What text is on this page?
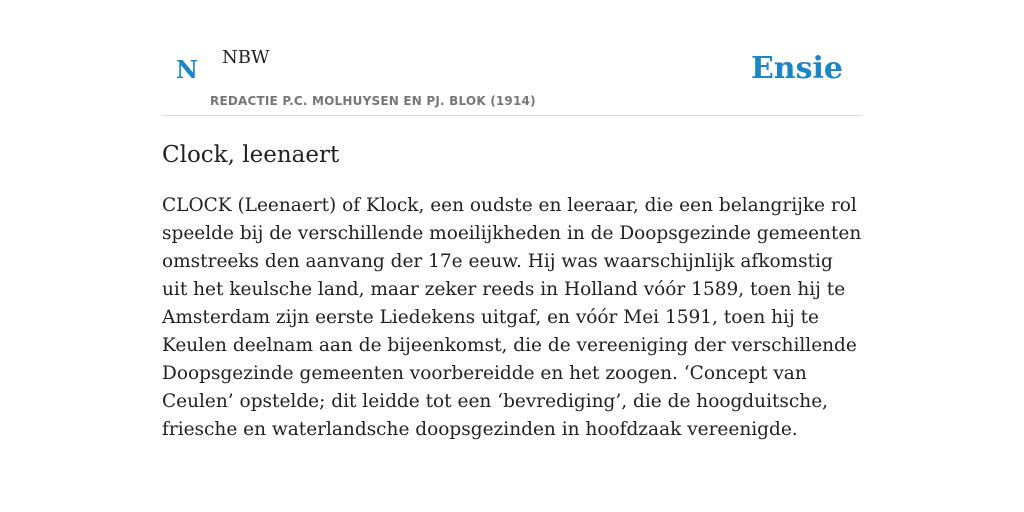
N NBW
REDACTIE P.C. MOLHUYSEN EN PJ. BLOK (1914)
Ensie
Clock, leenaert

CLOCK (Leenaert) of Klock, een oudste en leeraar, die een belangrijke rol speelde bij de verschillende moeilijkheden in de Doopsgezinde gemeenten omstreeks den aanvang der 17e eeuw. Hij was waarschijnlijk afkomstig uit het keulsche land, maar zeker reeds in Holland vóór 1589, toen hij te Amsterdam zijn eerste Liedekens uitgaf, en vóór Mei 1591, toen hij te Keulen deelnam aan de bijeenkomst, die de vereeniging der verschillende Doopsgezinde gemeenten voorbereidde en het zoogen. ‘Concept van Ceulen’ opstelde; dit leidde tot een ‘bevrediging’, die de hoogduitsche, friesche en waterlandsche doopsgezinden in hoofdzaak vereenigde.
